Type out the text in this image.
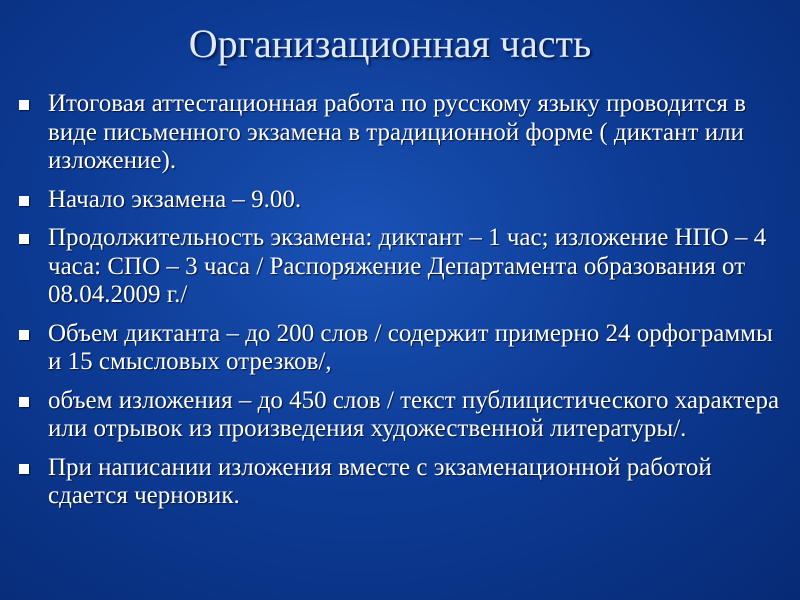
Организационная часть
Итоговая аттестационная работа по русскому языку проводится в виде письменного экзамена в традиционной форме ( диктант или изложение).
Начало экзамена – 9.00.
Продолжительность экзамена: диктант – 1 час; изложение НПО – 4 часа: СПО – 3 часа / Распоряжение Департамента образования от 08.04.2009 г./
Объем диктанта – до 200 слов / содержит примерно 24 орфограммы и 15 смысловых отрезков/,
объем изложения – до 450 слов / текст публицистического характера или отрывок из произведения художественной литературы/.
При написании изложения вместе с экзаменационной работой сдается черновик.
